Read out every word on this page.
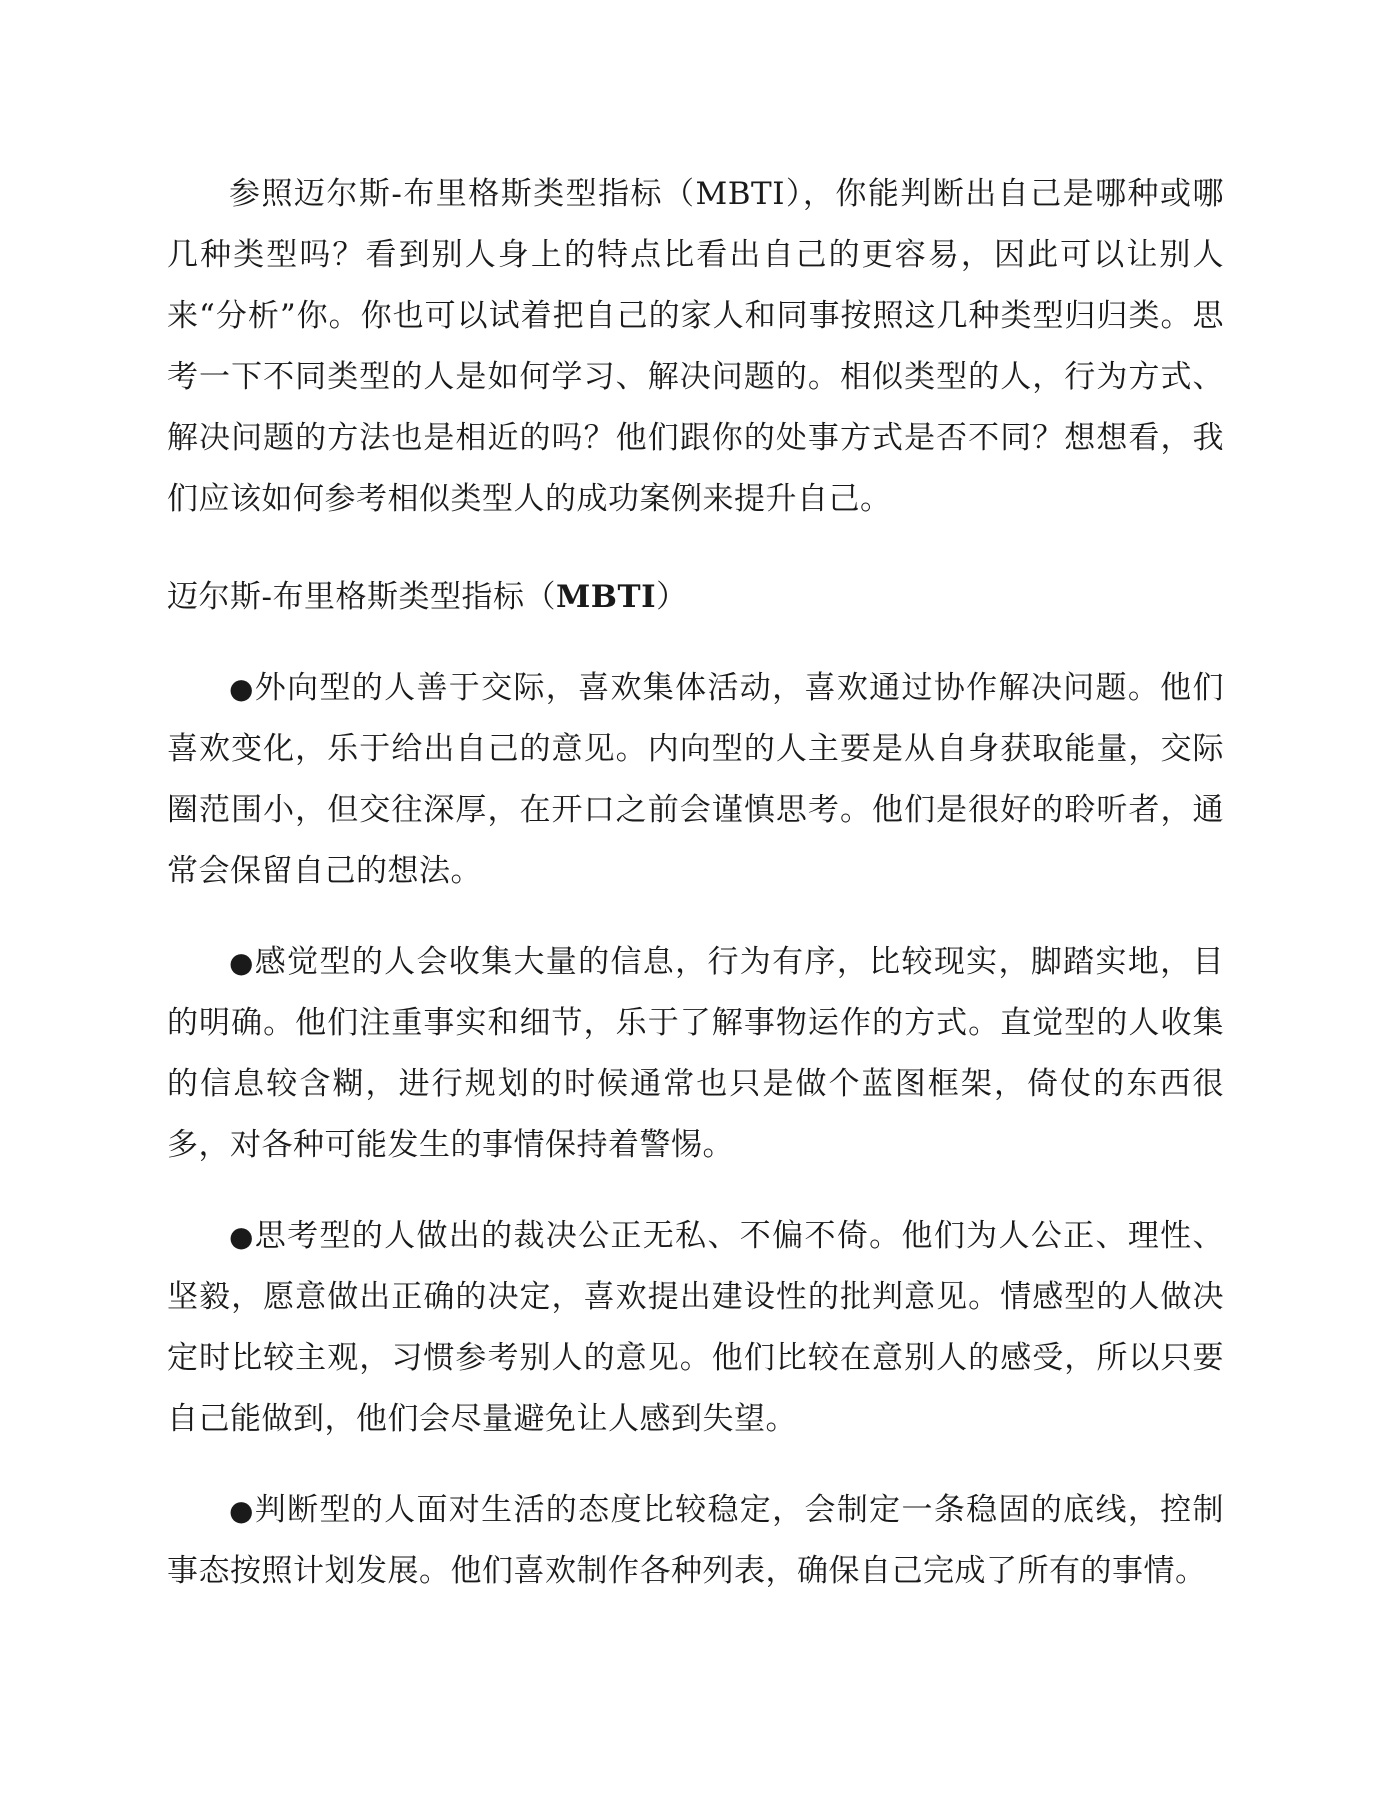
参照迈尔斯-布里格斯类型指标（MBTI），你能判断出自己是哪种或哪几种类型吗？看到别人身上的特点比看出自己的更容易，因此可以让别人来“分析”你。你也可以试着把自己的家人和同事按照这几种类型归归类。思考一下不同类型的人是如何学习、解决问题的。相似类型的人，行为方式、解决问题的方法也是相近的吗？他们跟你的处事方式是否不同？想想看，我们应该如何参考相似类型人的成功案例来提升自己。

迈尔斯-布里格斯类型指标（MBTI）

●外向型的人善于交际，喜欢集体活动，喜欢通过协作解决问题。他们喜欢变化，乐于给出自己的意见。内向型的人主要是从自身获取能量，交际圈范围小，但交往深厚，在开口之前会谨慎思考。他们是很好的聆听者，通常会保留自己的想法。

●感觉型的人会收集大量的信息，行为有序，比较现实，脚踏实地，目的明确。他们注重事实和细节，乐于了解事物运作的方式。直觉型的人收集的信息较含糊，进行规划的时候通常也只是做个蓝图框架，倚仗的东西很多，对各种可能发生的事情保持着警惕。

●思考型的人做出的裁决公正无私、不偏不倚。他们为人公正、理性、坚毅，愿意做出正确的决定，喜欢提出建设性的批判意见。情感型的人做决定时比较主观，习惯参考别人的意见。他们比较在意别人的感受，所以只要自己能做到，他们会尽量避免让人感到失望。

●判断型的人面对生活的态度比较稳定，会制定一条稳固的底线，控制事态按照计划发展。他们喜欢制作各种列表，确保自己完成了所有的事情。
